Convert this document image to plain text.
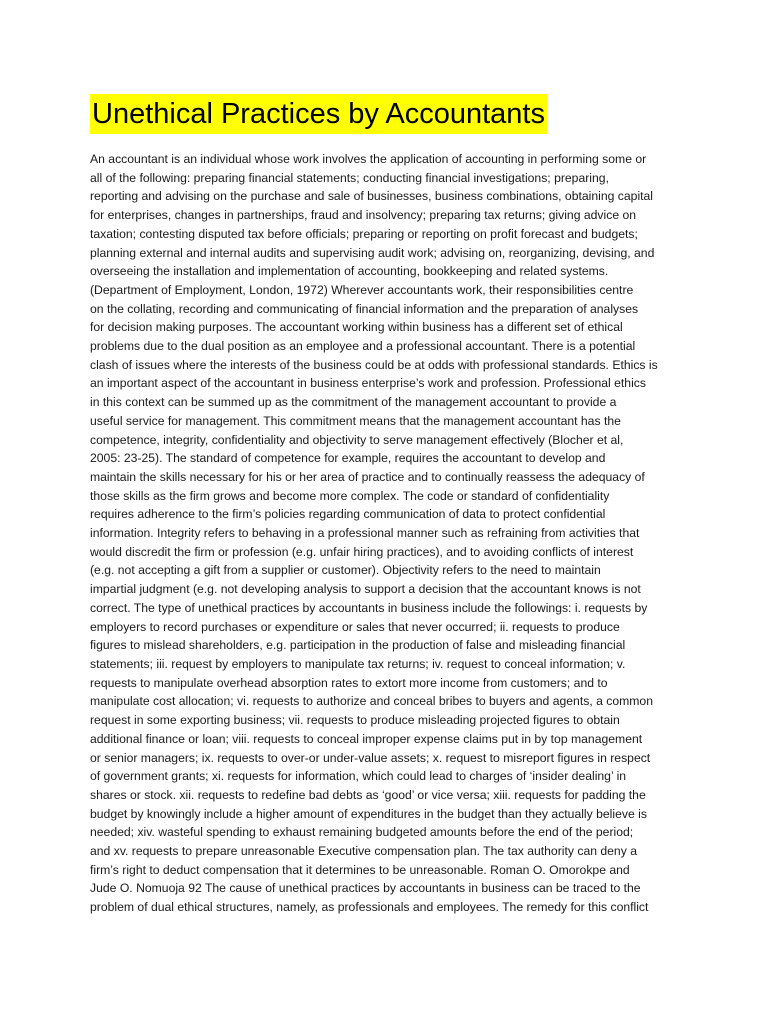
Unethical Practices by Accountants
An accountant is an individual whose work involves the application of accounting in performing some or
all of the following: preparing financial statements; conducting financial investigations; preparing,
reporting and advising on the purchase and sale of businesses, business combinations, obtaining capital
for enterprises, changes in partnerships, fraud and insolvency; preparing tax returns; giving advice on
taxation; contesting disputed tax before officials; preparing or reporting on profit forecast and budgets;
planning external and internal audits and supervising audit work; advising on, reorganizing, devising, and
overseeing the installation and implementation of accounting, bookkeeping and related systems.
(Department of Employment, London, 1972) Wherever accountants work, their responsibilities centre
on the collating, recording and communicating of financial information and the preparation of analyses
for decision making purposes. The accountant working within business has a different set of ethical
problems due to the dual position as an employee and a professional accountant. There is a potential
clash of issues where the interests of the business could be at odds with professional standards. Ethics is
an important aspect of the accountant in business enterprise’s work and profession. Professional ethics
in this context can be summed up as the commitment of the management accountant to provide a
useful service for management. This commitment means that the management accountant has the
competence, integrity, confidentiality and objectivity to serve management effectively (Blocher et al,
2005: 23-25). The standard of competence for example, requires the accountant to develop and
maintain the skills necessary for his or her area of practice and to continually reassess the adequacy of
those skills as the firm grows and become more complex. The code or standard of confidentiality
requires adherence to the firm’s policies regarding communication of data to protect confidential
information. Integrity refers to behaving in a professional manner such as refraining from activities that
would discredit the firm or profession (e.g. unfair hiring practices), and to avoiding conflicts of interest
(e.g. not accepting a gift from a supplier or customer). Objectivity refers to the need to maintain
impartial judgment (e.g. not developing analysis to support a decision that the accountant knows is not
correct. The type of unethical practices by accountants in business include the followings: i. requests by
employers to record purchases or expenditure or sales that never occurred; ii. requests to produce
figures to mislead shareholders, e.g. participation in the production of false and misleading financial
statements; iii. request by employers to manipulate tax returns; iv. request to conceal information; v.
requests to manipulate overhead absorption rates to extort more income from customers; and to
manipulate cost allocation; vi. requests to authorize and conceal bribes to buyers and agents, a common
request in some exporting business; vii. requests to produce misleading projected figures to obtain
additional finance or loan; viii. requests to conceal improper expense claims put in by top management
or senior managers; ix. requests to over-or under-value assets; x. request to misreport figures in respect
of government grants; xi. requests for information, which could lead to charges of ‘insider dealing’ in
shares or stock. xii. requests to redefine bad debts as ‘good’ or vice versa; xiii. requests for padding the
budget by knowingly include a higher amount of expenditures in the budget than they actually believe is
needed; xiv. wasteful spending to exhaust remaining budgeted amounts before the end of the period;
and xv. requests to prepare unreasonable Executive compensation plan. The tax authority can deny a
firm’s right to deduct compensation that it determines to be unreasonable. Roman O. Omorokpe and
Jude O. Nomuoja 92 The cause of unethical practices by accountants in business can be traced to the
problem of dual ethical structures, namely, as professionals and employees. The remedy for this conflict
